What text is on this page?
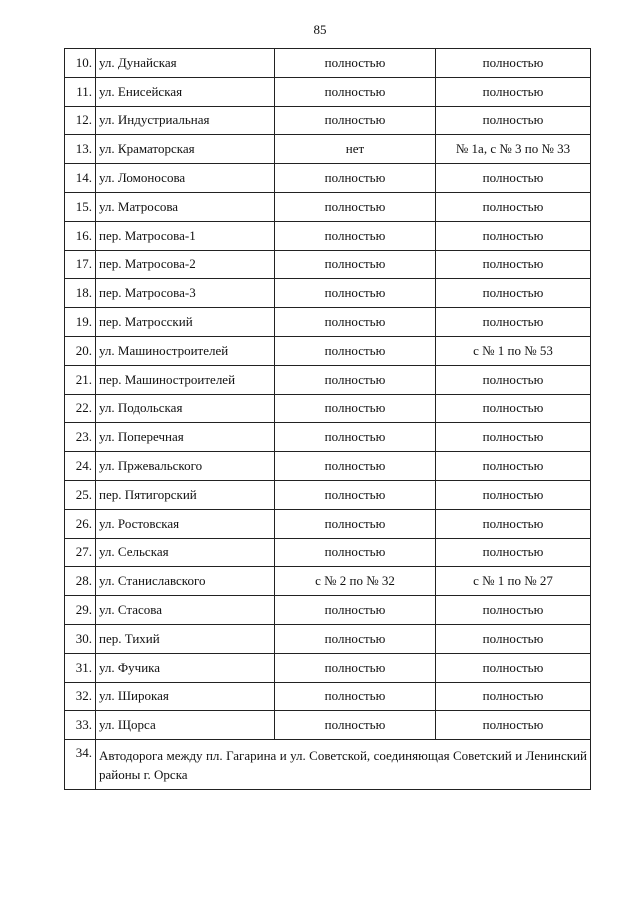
85
10.	ул. Дунайская	полностью	полностью
11.	ул. Енисейская	полностью	полностью
12.	ул. Индустриальная	полностью	полностью
13.	ул. Краматорская	нет	№ 1а, с № 3 по № 33
14.	ул. Ломоносова	полностью	полностью
15.	ул. Матросова	полностью	полностью
16.	пер. Матросова-1	полностью	полностью
17.	пер. Матросова-2	полностью	полностью
18.	пер. Матросова-3	полностью	полностью
19.	пер. Матросский	полностью	полностью
20.	ул. Машиностроителей	полностью	с № 1 по № 53
21.	пер. Машиностроителей	полностью	полностью
22.	ул. Подольская	полностью	полностью
23.	ул. Поперечная	полностью	полностью
24.	ул. Пржевальского	полностью	полностью
25.	пер. Пятигорский	полностью	полностью
26.	ул. Ростовская	полностью	полностью
27.	ул. Сельская	полностью	полностью
28.	ул. Станиславского	с № 2 по № 32	с № 1 по № 27
29.	ул. Стасова	полностью	полностью
30.	пер. Тихий	полностью	полностью
31.	ул. Фучика	полностью	полностью
32.	ул. Широкая	полностью	полностью
33.	ул. Щорса	полностью	полностью
34.	Автодорога между пл. Гагарина и ул. Советской, соединяющая Советский и Ленинский районы г. Орска		
